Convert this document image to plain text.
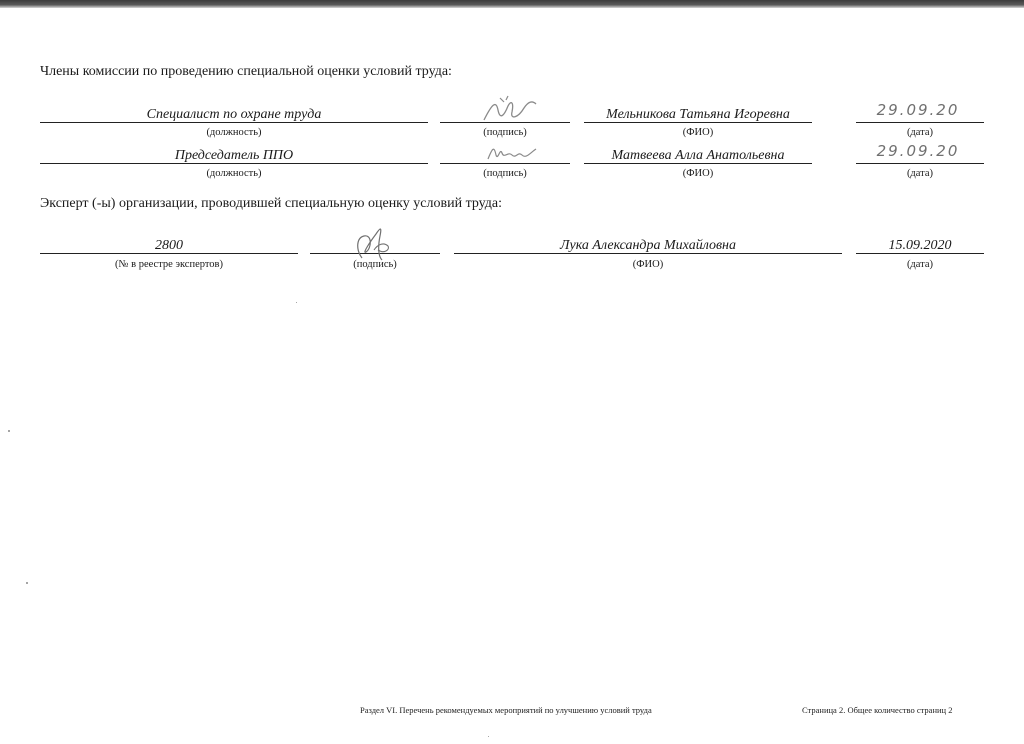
Члены комиссии по проведению специальной оценки условий труда:
Специалист по охране труда	Мельникова Татьяна Игоревна	29.09.20
(должность)	(подпись)	(ФИО)	(дата)
Председатель ППО	Матвеева Алла Анатольевна	29.09.20
(должность)	(подпись)	(ФИО)	(дата)
Эксперт (-ы) организации, проводившей специальную оценку условий труда:
2800	Лука Александра Михайловна	15.09.2020
(№ в реестре экспертов)	(подпись)	(ФИО)	(дата)
Раздел VI. Перечень рекомендуемых мероприятий по улучшению условий труда	Страница 2. Общее количество страниц 2
